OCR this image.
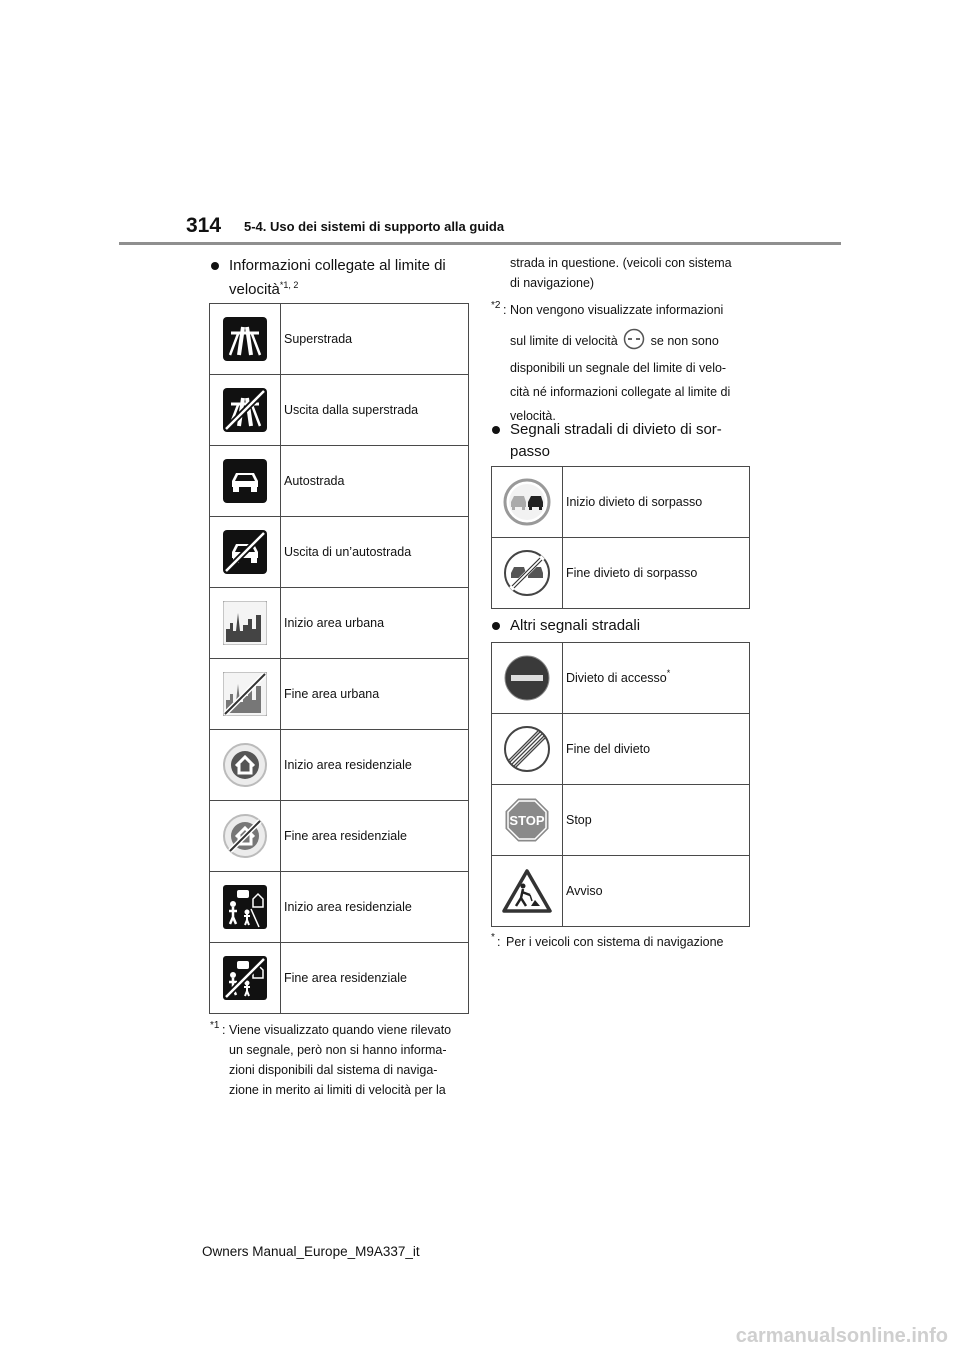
314 5-4. Uso dei sistemi di supporto alla guida
Informazioni collegate al limite di
velocità$^{*1, 2}$
	Superstrada

	Uscita dalla superstrada

	Autostrada

	Uscita di un’autostrada

	Inizio area urbana

	Fine area urbana

	Inizio area residenziale

	Fine area residenziale

	Inizio area residenziale

	Fine area residenziale
*1 : Viene visualizzato quando viene rilevato
un segnale, però non si hanno informa-
zioni disponibili dal sistema di naviga-
zione in merito ai limiti di velocità per la
strada in questione. (veicoli con sistema
di navigazione)
*2 : Non vengono visualizzate informazioni
sul limite di velocità	se non sono
disponibili un segnale del limite di velo-
cità né informazioni collegate al limite di
velocità.
Segnali stradali di divieto di sor-
passo
	Inizio divieto di sorpasso

	Fine divieto di sorpasso
Altri segnali stradali
	Divieto di accesso*

	Fine del divieto

STOP	Stop

	Avviso
* : Per i veicoli con sistema di navigazione
Owners Manual_Europe_M9A337_it
carmanualsonline.info
